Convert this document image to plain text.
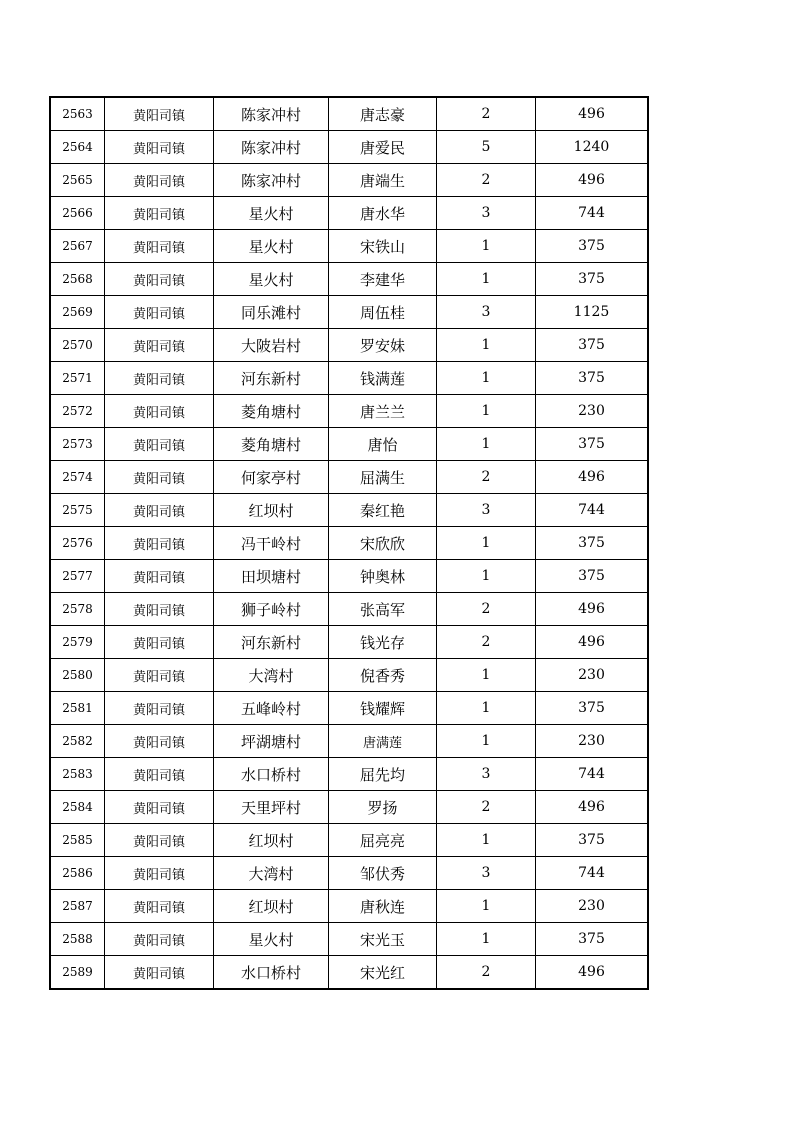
2563	黄阳司镇	陈家冲村	唐志豪	2	496
2564	黄阳司镇	陈家冲村	唐爱民	5	1240
2565	黄阳司镇	陈家冲村	唐端生	2	496
2566	黄阳司镇	星火村	唐水华	3	744
2567	黄阳司镇	星火村	宋铁山	1	375
2568	黄阳司镇	星火村	李建华	1	375
2569	黄阳司镇	同乐滩村	周伍桂	3	1125
2570	黄阳司镇	大陂岩村	罗安妹	1	375
2571	黄阳司镇	河东新村	钱满莲	1	375
2572	黄阳司镇	菱角塘村	唐兰兰	1	230
2573	黄阳司镇	菱角塘村	唐怡	1	375
2574	黄阳司镇	何家亭村	屈满生	2	496
2575	黄阳司镇	红坝村	秦红艳	3	744
2576	黄阳司镇	冯干岭村	宋欣欣	1	375
2577	黄阳司镇	田坝塘村	钟奥林	1	375
2578	黄阳司镇	狮子岭村	张高军	2	496
2579	黄阳司镇	河东新村	钱光存	2	496
2580	黄阳司镇	大湾村	倪香秀	1	230
2581	黄阳司镇	五峰岭村	钱耀辉	1	375
2582	黄阳司镇	坪湖塘村	唐满莲	1	230
2583	黄阳司镇	水口桥村	屈先均	3	744
2584	黄阳司镇	天里坪村	罗扬	2	496
2585	黄阳司镇	红坝村	屈亮亮	1	375
2586	黄阳司镇	大湾村	邹伏秀	3	744
2587	黄阳司镇	红坝村	唐秋连	1	230
2588	黄阳司镇	星火村	宋光玉	1	375
2589	黄阳司镇	水口桥村	宋光红	2	496
